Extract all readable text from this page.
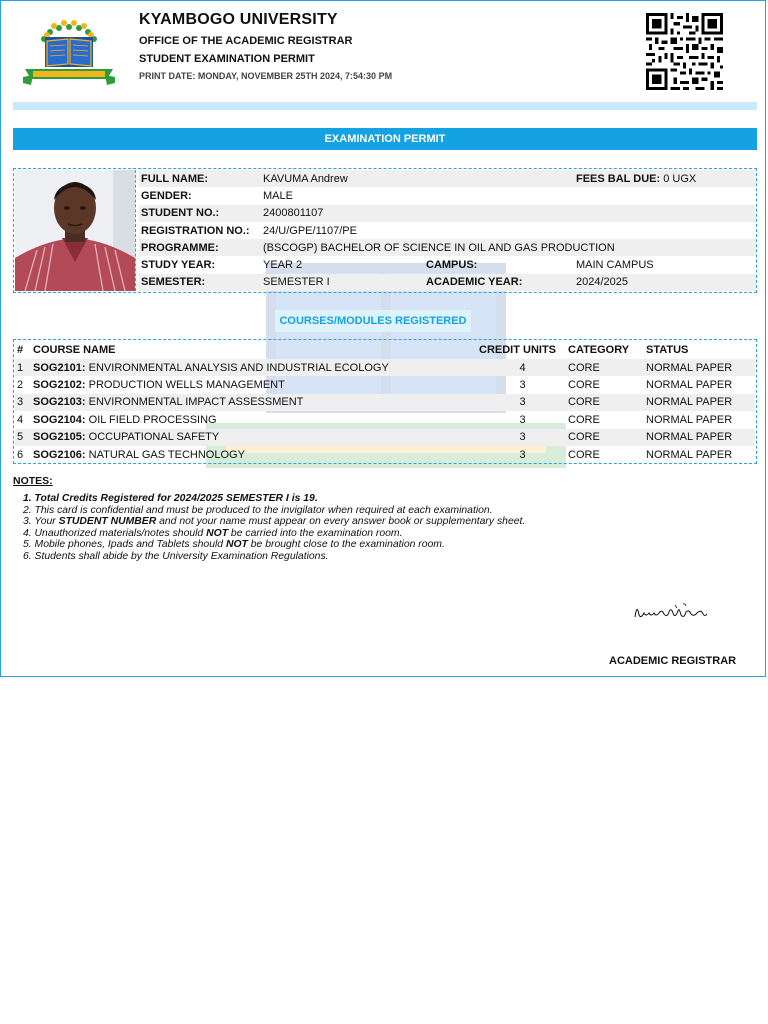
KYAMBOGO UNIVERSITY
OFFICE OF THE ACADEMIC REGISTRAR
STUDENT EXAMINATION PERMIT
PRINT DATE: MONDAY, NOVEMBER 25TH 2024, 7:54:30 PM
EXAMINATION PERMIT
FULL NAME:	KAVUMA Andrew		FEES BAL DUE: 0 UGX
GENDER:	MALE		
STUDENT NO.:	2400801107		
REGISTRATION NO.:	24/U/GPE/1107/PE		
PROGRAMME:	(BSCOGP) BACHELOR OF SCIENCE IN OIL AND GAS PRODUCTION		
STUDY YEAR:	YEAR 2	CAMPUS:	MAIN CAMPUS
SEMESTER:	SEMESTER I	ACADEMIC YEAR:	2024/2025
COURSES/MODULES REGISTERED
#	COURSE NAME	CREDIT UNITS	CATEGORY	STATUS
1	SOG2101: ENVIRONMENTAL ANALYSIS AND INDUSTRIAL ECOLOGY	4	CORE	NORMAL PAPER
2	SOG2102: PRODUCTION WELLS MANAGEMENT	3	CORE	NORMAL PAPER
3	SOG2103: ENVIRONMENTAL IMPACT ASSESSMENT	3	CORE	NORMAL PAPER
4	SOG2104: OIL FIELD PROCESSING	3	CORE	NORMAL PAPER
5	SOG2105: OCCUPATIONAL SAFETY	3	CORE	NORMAL PAPER
6	SOG2106: NATURAL GAS TECHNOLOGY	3	CORE	NORMAL PAPER
NOTES:
1. Total Credits Registered for 2024/2025 SEMESTER I is 19.
2. This card is confidential and must be produced to the invigilator when required at each examination.
3. Your STUDENT NUMBER and not your name must appear on every answer book or supplementary sheet.
4. Unauthorized materials/notes should NOT be carried into the examination room.
5. Mobile phones, Ipads and Tablets should NOT be brought close to the examination room.
6. Students shall abide by the University Examination Regulations.
ACADEMIC REGISTRAR
